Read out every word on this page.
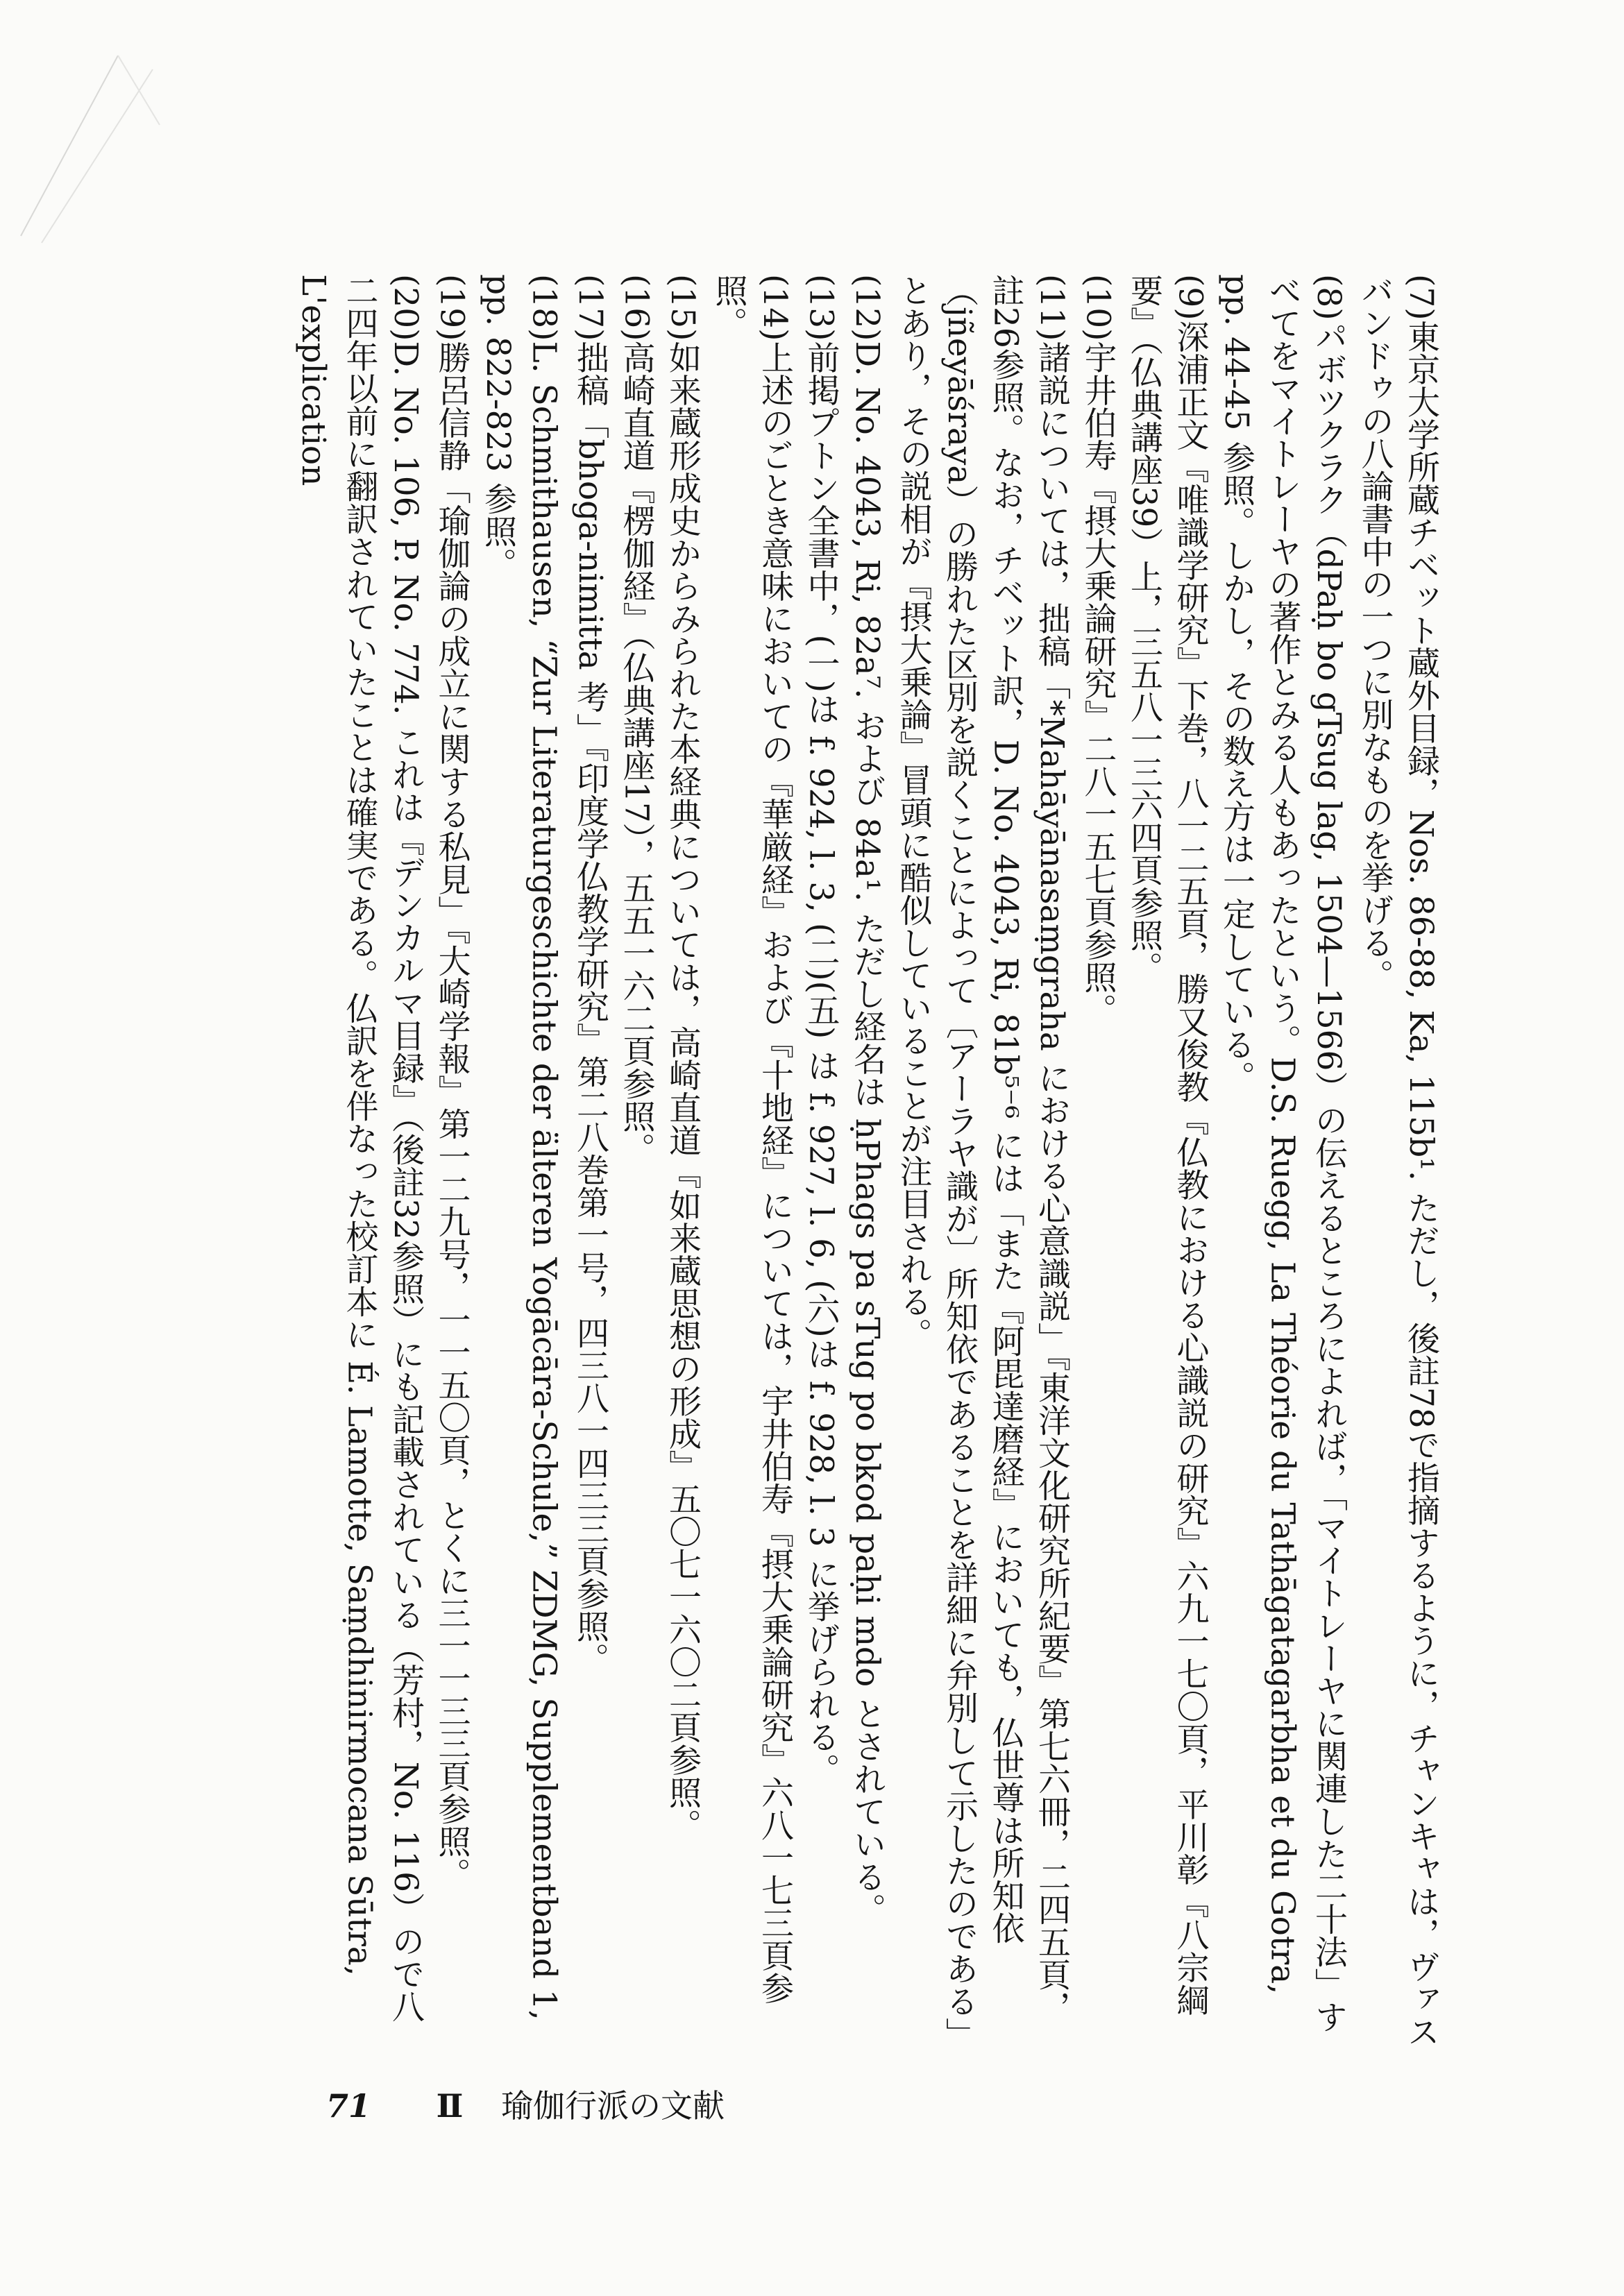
(7)東京大学所蔵チベット蔵外目録，Nos. 86-88, Ka, 115b¹. ただし，後註78で指摘するように，チャンキャは，ヴァスバンドゥの八論書中の一つに別なものを挙げる。

(8)パボツクラク（dPaḥ bo gTsug lag, 1504—1566）の伝えるところによれば，「マイトレーヤに関連した二十法」すべてをマイトレーヤの著作とみる人もあったという。D.S. Ruegg, La Théorie du Tathāgatagarbha et du Gotra, pp. 44-45 参照。しかし，その数え方は一定している。

(9)深浦正文『唯識学研究』下巻，八一二五頁，勝又俊教『仏教における心識説の研究』六九一七〇頁，平川彰『八宗綱要』（仏典講座39）上，三五八一三六四頁参照。

(10)宇井伯寿『摂大乗論研究』二八一五七頁参照。

(11)諸説については，拙稿「*Mahāyānasaṃgraha における心意識説」『東洋文化研究所紀要』第七六冊，二四五頁，註26参照。なお，チベット訳，D. No. 4043, Ri, 81b⁵⁻⁶ には「また『阿毘達磨経』においても，仏世尊は所知依（jñeyāśraya）の勝れた区別を説くことによって〔アーラヤ識が〕所知依であることを詳細に弁別して示したのである」とあり，その説相が『摂大乗論』冒頭に酷似していることが注目される。

(12)D. No. 4043, Ri, 82a⁷. および 84a¹. ただし経名は ḥPhags pa sTug po bkod paḥi mdo とされている。

(13)前掲プトン全書中，(一)は f. 924, l. 3, (二)(五) は f. 927, l. 6, (六)は f. 928, l. 3 に挙げられる。

(14)上述のごとき意味においての『華厳経』および『十地経』については，宇井伯寿『摂大乗論研究』六八一七三頁参照。

(15)如来蔵形成史からみられた本経典については，高崎直道『如来蔵思想の形成』五〇七一六〇二頁参照。

(16)高崎直道『楞伽経』（仏典講座17），五五一六二頁参照。

(17)拙稿「bhoga-nimitta 考」『印度学仏教学研究』第二八巻第一号，四三八一四三三頁参照。

(18)L. Schmithausen, “Zur Literaturgeschichte der älteren Yogācāra-Schule,” ZDMG, Supplementband 1, pp. 822-823 参照。

(19)勝呂信静「瑜伽論の成立に関する私見」『大崎学報』第一二九号，一一五〇頁，とくに三一一三三頁参照。

(20)D. No. 106, P. No. 774. これは『デンカルマ目録』（後註32参照）にも記載されている（芳村，No. 116）ので八二四年以前に翻訳されていたことは確実である。仏訳を伴なった校訂本に É. Lamotte, Saṃdhinirmocana Sūtra, L'explication

71 Ⅱ 瑜伽行派の文献
